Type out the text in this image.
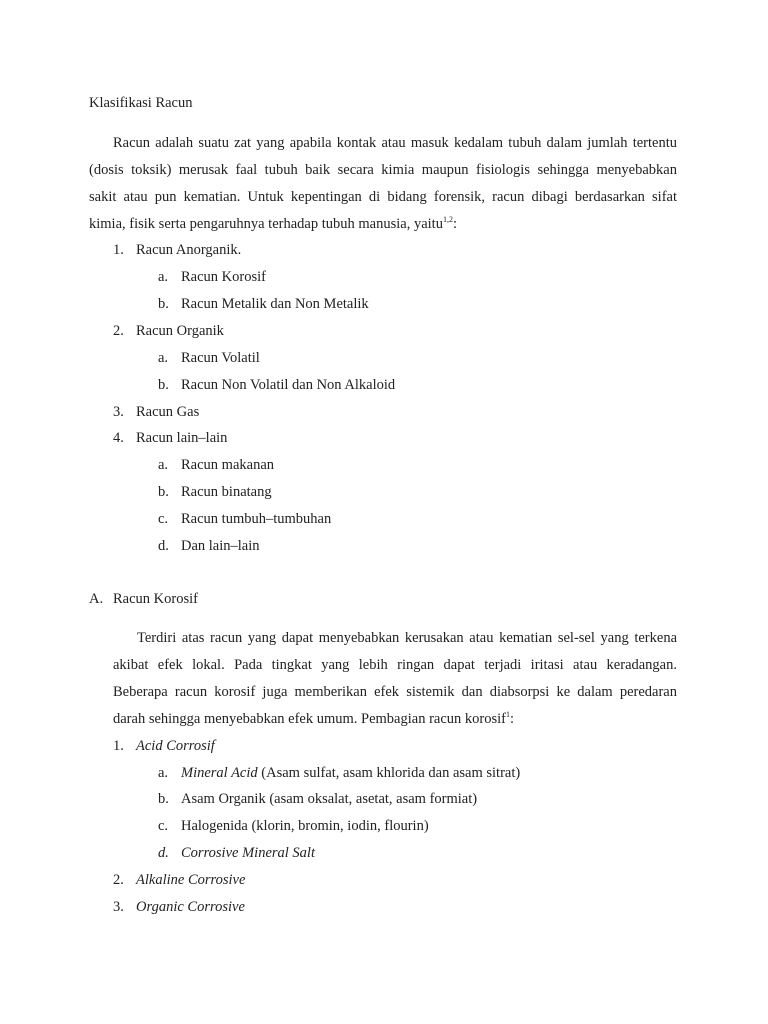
Klasifikasi Racun
Racun adalah suatu zat yang apabila kontak atau masuk kedalam tubuh dalam jumlah tertentu
(dosis toksik) merusak faal tubuh baik secara kimia maupun fisiologis sehingga menyebabkan
sakit atau pun kematian. Untuk kepentingan di bidang forensik, racun dibagi berdasarkan sifat
kimia, fisik serta pengaruhnya terhadap tubuh manusia, yaitu$^{1,2}$:
1. Racun Anorganik.
a. Racun Korosif
b. Racun Metalik dan Non Metalik
2. Racun Organik
a. Racun Volatil
b. Racun Non Volatil dan Non Alkaloid
3. Racun Gas
4. Racun lain–lain
a. Racun makanan
b. Racun binatang
c. Racun tumbuh–tumbuhan
d. Dan lain–lain
A. Racun Korosif
Terdiri atas racun yang dapat menyebabkan kerusakan atau kematian sel-sel yang terkena
akibat efek lokal. Pada tingkat yang lebih ringan dapat terjadi iritasi atau keradangan.
Beberapa racun korosif juga memberikan efek sistemik dan diabsorpsi ke dalam peredaran
darah sehingga menyebabkan efek umum. Pembagian racun korosif$^1$:
1. Acid Corrosif
a. Mineral Acid (Asam sulfat, asam khlorida dan asam sitrat)
b. Asam Organik (asam oksalat, asetat, asam formiat)
c. Halogenida (klorin, bromin, iodin, flourin)
d. Corrosive Mineral Salt
2. Alkaline Corrosive
3. Organic Corrosive
